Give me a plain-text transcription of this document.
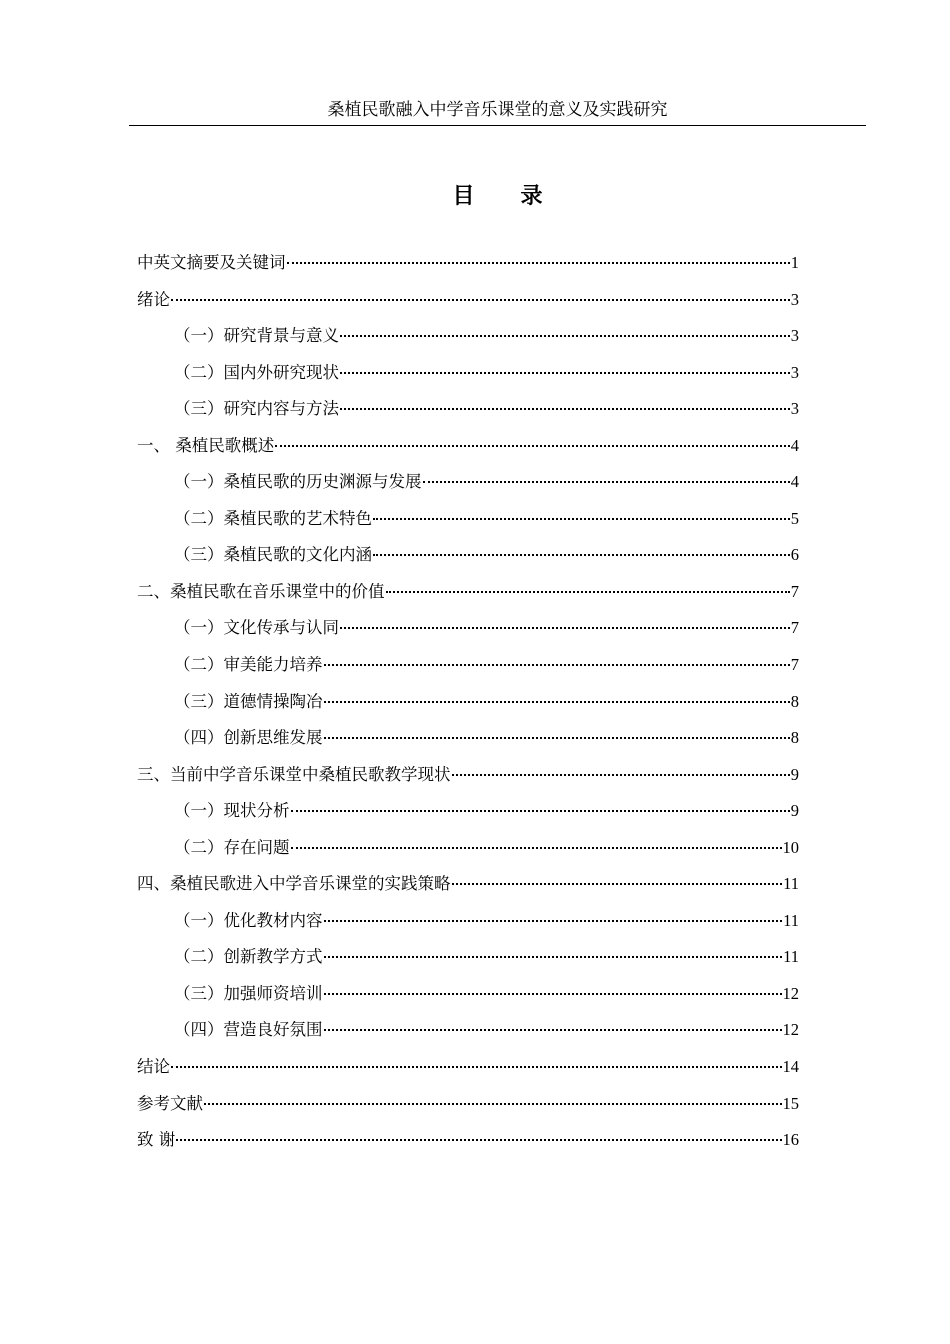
桑植民歌融入中学音乐课堂的意义及实践研究
目 录
中英文摘要及关键词	1
绪论	3
（一）研究背景与意义	3
（二）国内外研究现状	3
（三）研究内容与方法	3
一、 桑植民歌概述	4
（一）桑植民歌的历史渊源与发展	4
（二）桑植民歌的艺术特色	5
（三）桑植民歌的文化内涵	6
二、桑植民歌在音乐课堂中的价值	7
（一）文化传承与认同	7
（二）审美能力培养	7
（三）道德情操陶冶	8
（四）创新思维发展	8
三、当前中学音乐课堂中桑植民歌教学现状	9
（一）现状分析	9
（二）存在问题	10
四、桑植民歌进入中学音乐课堂的实践策略	11
（一）优化教材内容	11
（二）创新教学方式	11
（三）加强师资培训	12
（四）营造良好氛围	12
结论	14
参考文献	15
致 谢	16
